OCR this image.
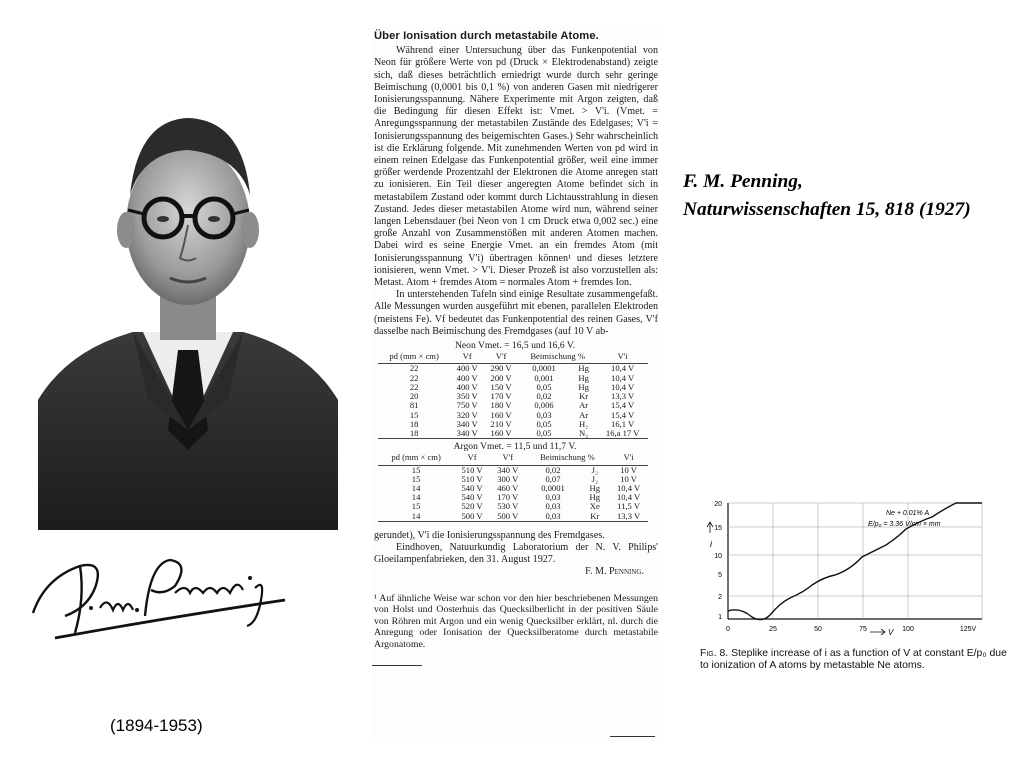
(1894-1953)
F. M. Penning,
Naturwissenschaften 15, 818 (1927)
Über Ionisation durch metastabile Atome.

Während einer Untersuchung über das Funkenpotential von Neon für größere Werte von pd (Druck × Elektrodenabstand) zeigte sich, daß dieses beträchtlich erniedrigt wurde durch sehr geringe Beimischung (0,0001 bis 0,1 %) von anderen Gasen mit niedrigerer Ionisierungsspannung. Nähere Experimente mit Argon zeigten, daß die Bedingung für diesen Effekt ist: Vmet. > V'i. (Vmet. = Anregungsspannung der metastabilen Zustände des Edelgases; V'i = Ionisierungsspannung des beigemischten Gases.) Sehr wahrscheinlich ist die Erklärung folgende. Mit zunehmenden Werten von pd wird in einem reinen Edelgase das Funkenpotential größer, weil eine immer größer werdende Prozentzahl der Elektronen die Atome anregen statt zu ionisieren. Ein Teil dieser angeregten Atome befindet sich in metastabilem Zustand oder kommt durch Lichtausstrahlung in diesen Zustand. Jedes dieser metastabilen Atome wird nun, während seiner langen Lebensdauer (bei Neon von 1 cm Druck etwa 0,002 sec.) eine große Anzahl von Zusammenstößen mit anderen Atomen machen. Dabei wird es seine Energie Vmet. an ein fremdes Atom (mit Ionisierungsspannung V'i) übertragen können¹ und dieses letztere ionisieren, wenn Vmet. > V'i. Dieser Prozeß ist also vorzustellen als: Metast. Atom + fremdes Atom = normales Atom + fremdes Ion.

In unterstehenden Tafeln sind einige Resultate zusammengefaßt. Alle Messungen wurden ausgeführt mit ebenen, parallelen Elektroden (meistens Fe). Vf bedeutet das Funkenpotential des reinen Gases, V'f dasselbe nach Beimischung des Fremdgases (auf 10 V ab-

Neon Vmet. = 16,5 und 16,6 V.
pd (mm × cm)	Vf	V'f	Beimischung %		V'i
22	400 V	290 V	0,0001	Hg	10,4 V
22	400 V	200 V	0,001	Hg	10,4 V
22	400 V	150 V	0,05	Hg	10,4 V
20	350 V	170 V	0,02	Kr	13,3 V
81	750 V	180 V	0,006	Ar	15,4 V
15	320 V	160 V	0,03	Ar	15,4 V
18	340 V	210 V	0,05	H₂	16,1 V
18	340 V	160 V	0,05	N₂	16,a 17 V
Argon Vmet. = 11,5 und 11,7 V.
pd (mm × cm)	Vf	V'f	Beimischung %		V'i
15	510 V	340 V	0,02	J₂	10 V
15	510 V	300 V	0,07	J₂	10 V
14	540 V	460 V	0,0001	Hg	10,4 V
14	540 V	170 V	0,03	Hg	10,4 V
15	520 V	530 V	0,03	Xe	11,5 V
14	500 V	500 V	0,03	Kr	13,3 V

gerundet), V'i die Ionisierungsspannung des Fremdgases.

Eindhoven, Natuurkundig Laboratorium der N. V. Philips' Gloeilampenfabrieken, den 31. August 1927.

F. M. Penning.

¹ Auf ähnliche Weise war schon vor den hier beschriebenen Messungen von Holst und Oosterhuis das Quecksilberlicht in der positiven Säule von Röhren mit Argon und ein wenig Quecksilber erklärt, nl. durch die Anregung oder Ionisation der Quecksilberatome durch metastabile Argonatome.

20
15
10
5
2
1
i
0	25	50	75	100	125V
V
Ne + 0.01% A
E/p₀ = 3.36 V/cm × mm
Fig. 8. Steplike increase of i as a function of V at constant E/p₀ due to ionization of A atoms by metastable Ne atoms.
